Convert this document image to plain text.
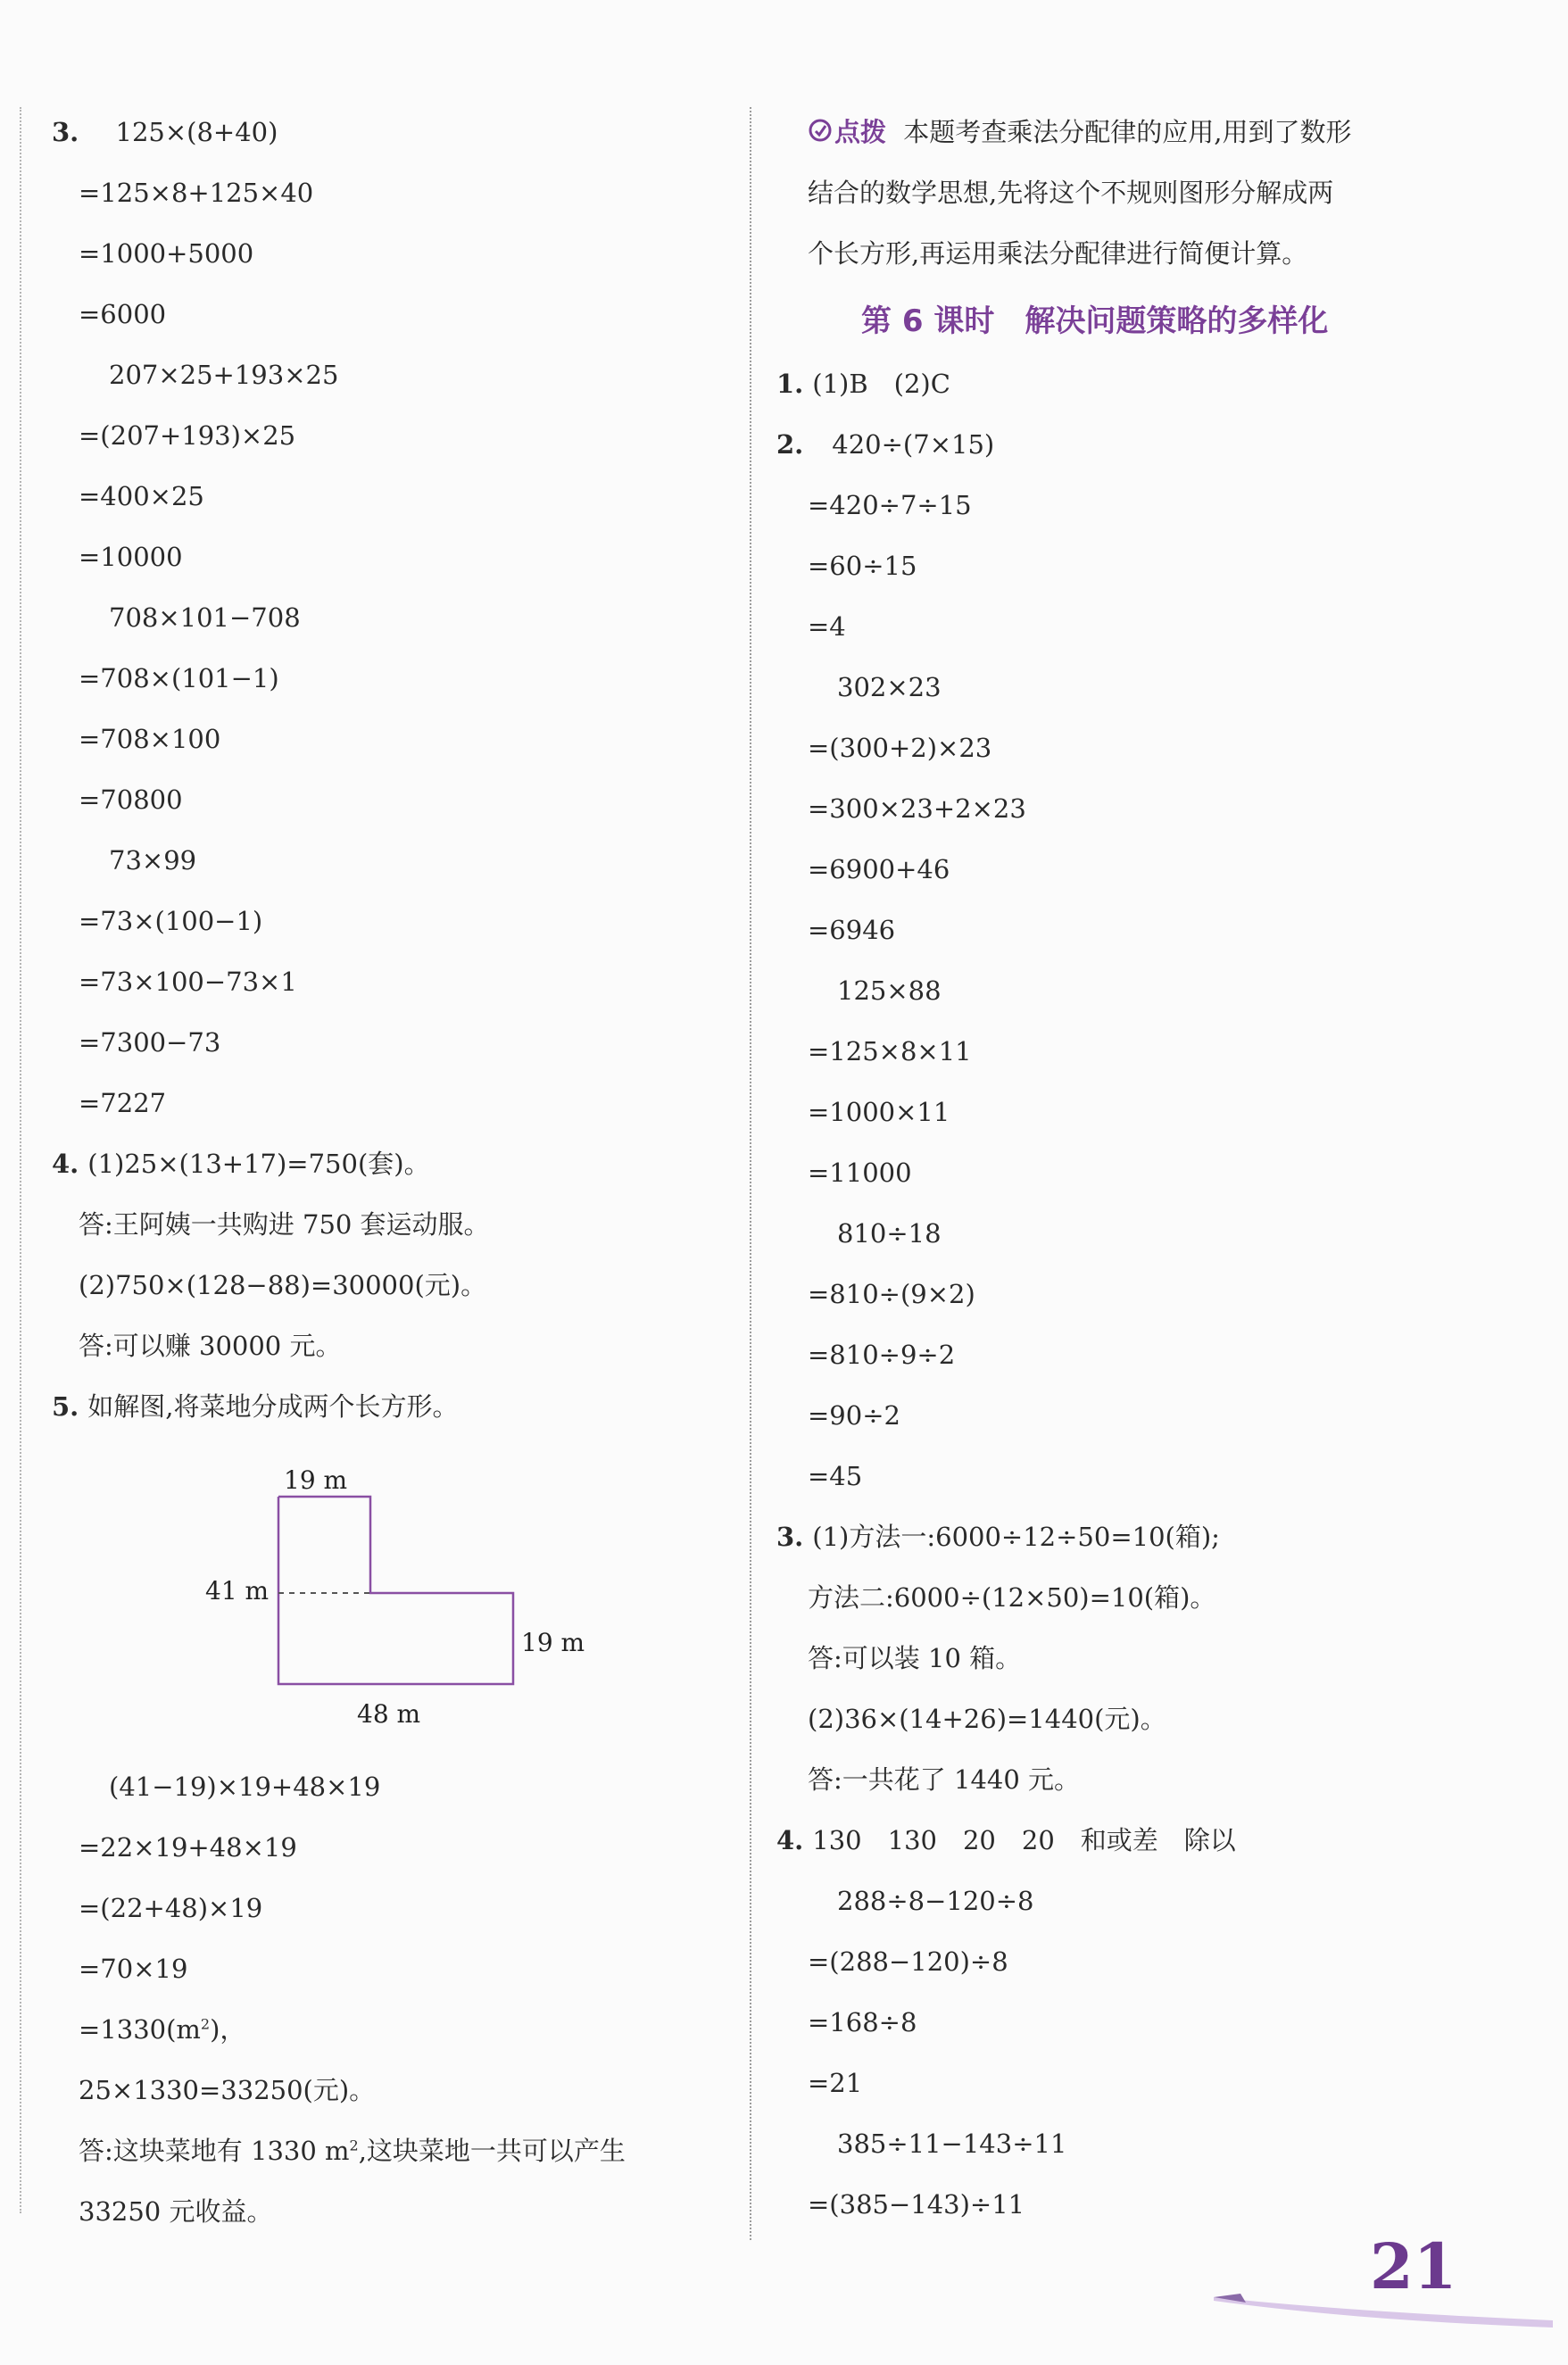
3. 125×(8+40)
=125×8+125×40
=1000+5000
=6000
207×25+193×25
=(207+193)×25
=400×25
=10000
708×101−708
=708×(101−1)
=708×100
=70800
73×99
=73×(100−1)
=73×100−73×1
=7300−73
=7227
4. (1)25×(13+17)=750(套)。
答:王阿姨一共购进 750 套运动服。
(2)750×(128−88)=30000(元)。
答:可以赚 30000 元。
5. 如解图,将菜地分成两个长方形。
19 m
41 m
19 m
48 m
(41−19)×19+48×19
=22×19+48×19
=(22+48)×19
=70×19
$=1330(m^2)$，
25×1330=33250(元)。
答:这块菜地有 1330 $m^2$,这块菜地一共可以产生
33250 元收益。
点拨 本题考查乘法分配律的应用,用到了数形
结合的数学思想,先将这个不规则图形分解成两
个长方形,再运用乘法分配律进行简便计算。
第 6 课时　解决问题策略的多样化
1. (1)B　(2)C
2. 420÷(7×15)
=420÷7÷15
=60÷15
=4
302×23
=(300+2)×23
=300×23+2×23
=6900+46
=6946
125×88
=125×8×11
=1000×11
=11000
810÷18
=810÷(9×2)
=810÷9÷2
=90÷2
=45
3. (1)方法一:6000÷12÷50=10(箱);
方法二:6000÷(12×50)=10(箱)。
答:可以装 10 箱。
(2)36×(14+26)=1440(元)。
答:一共花了 1440 元。
4. 130　130　20　20　和或差　除以
288÷8−120÷8
=(288−120)÷8
=168÷8
=21
385÷11−143÷11
=(385−143)÷11
21
